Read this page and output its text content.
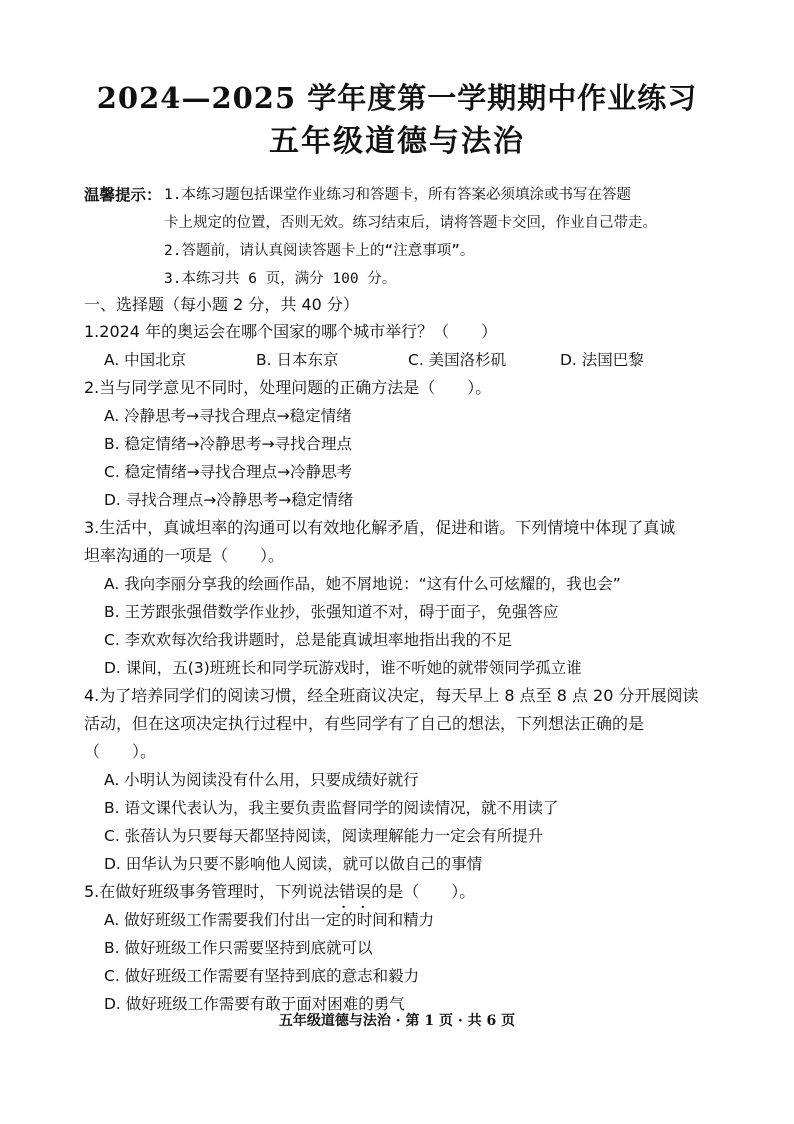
2024—2025 学年度第一学期期中作业练习
五年级道德与法治
温馨提示： 1.本练习题包括课堂作业练习和答题卡，所有答案必须填涂或书写在答题
卡上规定的位置，否则无效。练习结束后，请将答题卡交回，作业自己带走。
2.答题前，请认真阅读答题卡上的“注意事项”。
3.本练习共 6 页，满分 100 分。
一、选择题（每小题 2 分，共 40 分）
1.2024 年的奥运会在哪个国家的哪个城市举行？（　　）
A. 中国北京	B. 日本东京	C. 美国洛杉矶	D. 法国巴黎
2.当与同学意见不同时，处理问题的正确方法是（　　）。
A. 冷静思考→寻找合理点→稳定情绪
B. 稳定情绪→冷静思考→寻找合理点
C. 稳定情绪→寻找合理点→冷静思考
D. 寻找合理点→冷静思考→稳定情绪
3.生活中，真诚坦率的沟通可以有效地化解矛盾，促进和谐。下列情境中体现了真诚
坦率沟通的一项是（　　）。
A. 我向李丽分享我的绘画作品，她不屑地说：“这有什么可炫耀的，我也会”
B. 王芳跟张强借数学作业抄，张强知道不对，碍于面子，免强答应
C. 李欢欢每次给我讲题时，总是能真诚坦率地指出我的不足
D. 课间，五(3)班班长和同学玩游戏时，谁不听她的就带领同学孤立谁
4.为了培养同学们的阅读习惯，经全班商议决定，每天早上 8 点至 8 点 20 分开展阅读
活动，但在这项决定执行过程中，有些同学有了自己的想法，下列想法正确的是
（　　）。
A. 小明认为阅读没有什么用，只要成绩好就行
B. 语文课代表认为，我主要负责监督同学的阅读情况，就不用读了
C. 张蓓认为只要每天都坚持阅读，阅读理解能力一定会有所提升
D. 田华认为只要不影响他人阅读，就可以做自己的事情
5.在做好班级事务管理时，下列说法错误 • •的是（　　）。
A. 做好班级工作需要我们付出一定的时间和精力
B. 做好班级工作只需要坚持到底就可以
C. 做好班级工作需要有坚持到底的意志和毅力
D. 做好班级工作需要有敢于面对困难的勇气
五年级道德与法治 · 第 1 页 · 共 6 页
